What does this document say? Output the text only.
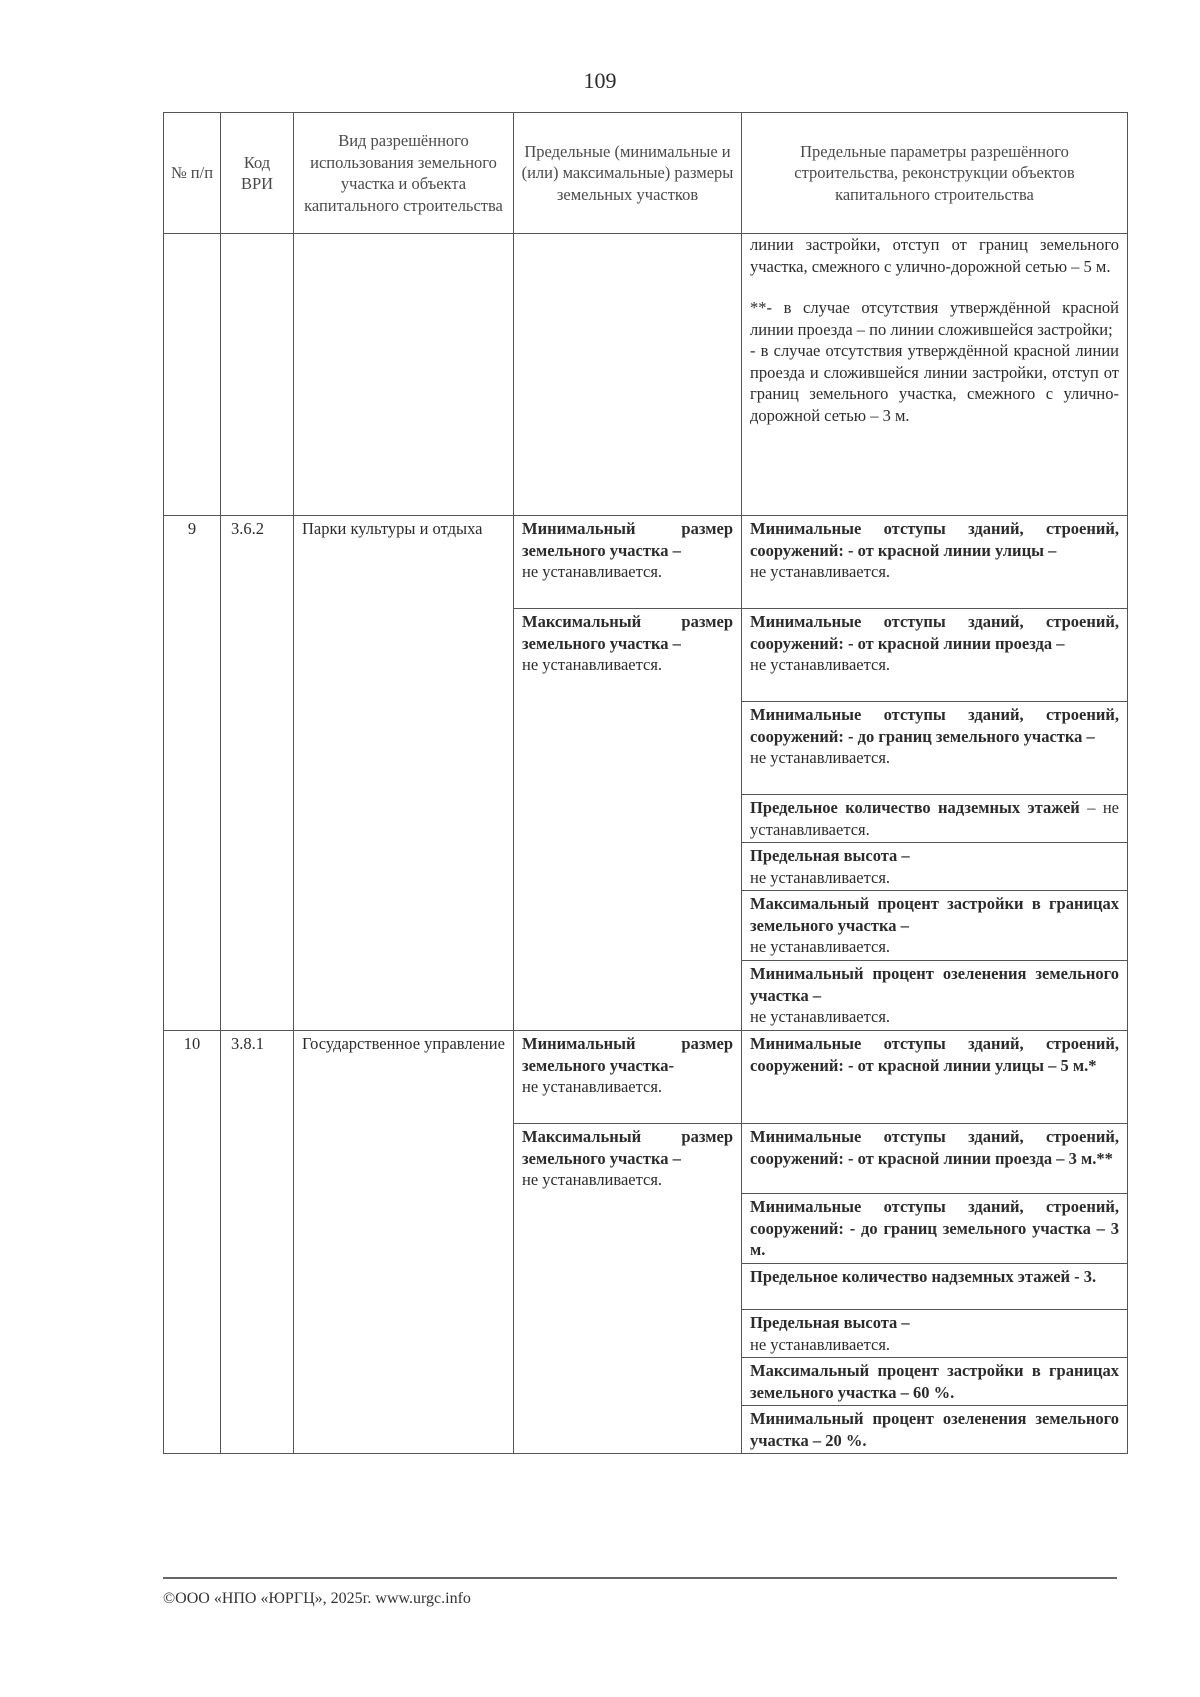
109
№ п/п	Код ВРИ	Вид разрешённого использования земельного участка и объекта капитального строительства	Предельные (минимальные и (или) максимальные) размеры земельных участков	Предельные параметры разрешённого строительства, реконструкции объектов капитального строительства

				линии застройки, отступ от границ земельного участка, смежного с улично-дорожной сетью – 5 м.
**- в случае отсутствия утверждённой красной линии проезда – по линии сложившейся застройки;
- в случае отсутствия утверждённой красной линии проезда и сложившейся линии застройки, отступ от границ земельного участка, смежного с улично-дорожной сетью – 3 м.

9	3.6.2	Парки культуры и отдыха	Минимальный размер земельного участка –
не устанавливается.	Минимальные отступы зданий, строений, сооружений: - от красной линии улицы –
не устанавливается.
			Максимальный размер земельного участка –
не устанавливается.	Минимальные отступы зданий, строений, сооружений: - от красной линии проезда –
не устанавливается.
				Минимальные отступы зданий, строений, сооружений: - до границ земельного участка –
не устанавливается.
				Предельное количество надземных этажей – не устанавливается.
				Предельная высота –
не устанавливается.
				Максимальный процент застройки в границах земельного участка –
не устанавливается.
				Минимальный процент озеленения земельного участка –
не устанавливается.
10	3.8.1	Государственное управление	Минимальный размер земельного участка-
не устанавливается.	Минимальные отступы зданий, строений, сооружений: - от красной линии улицы – 5 м.*
			Максимальный размер земельного участка –
не устанавливается.	Минимальные отступы зданий, строений, сооружений: - от красной линии проезда – 3 м.**
				Минимальные отступы зданий, строений, сооружений: - до границ земельного участка – 3 м.
				Предельное количество надземных этажей - 3.
				Предельная высота –
не устанавливается.
				Максимальный процент застройки в границах земельного участка – 60 %.
				Минимальный процент озеленения земельного участка – 20 %.
©ООО «НПО «ЮРГЦ», 2025г. www.urgc.info
